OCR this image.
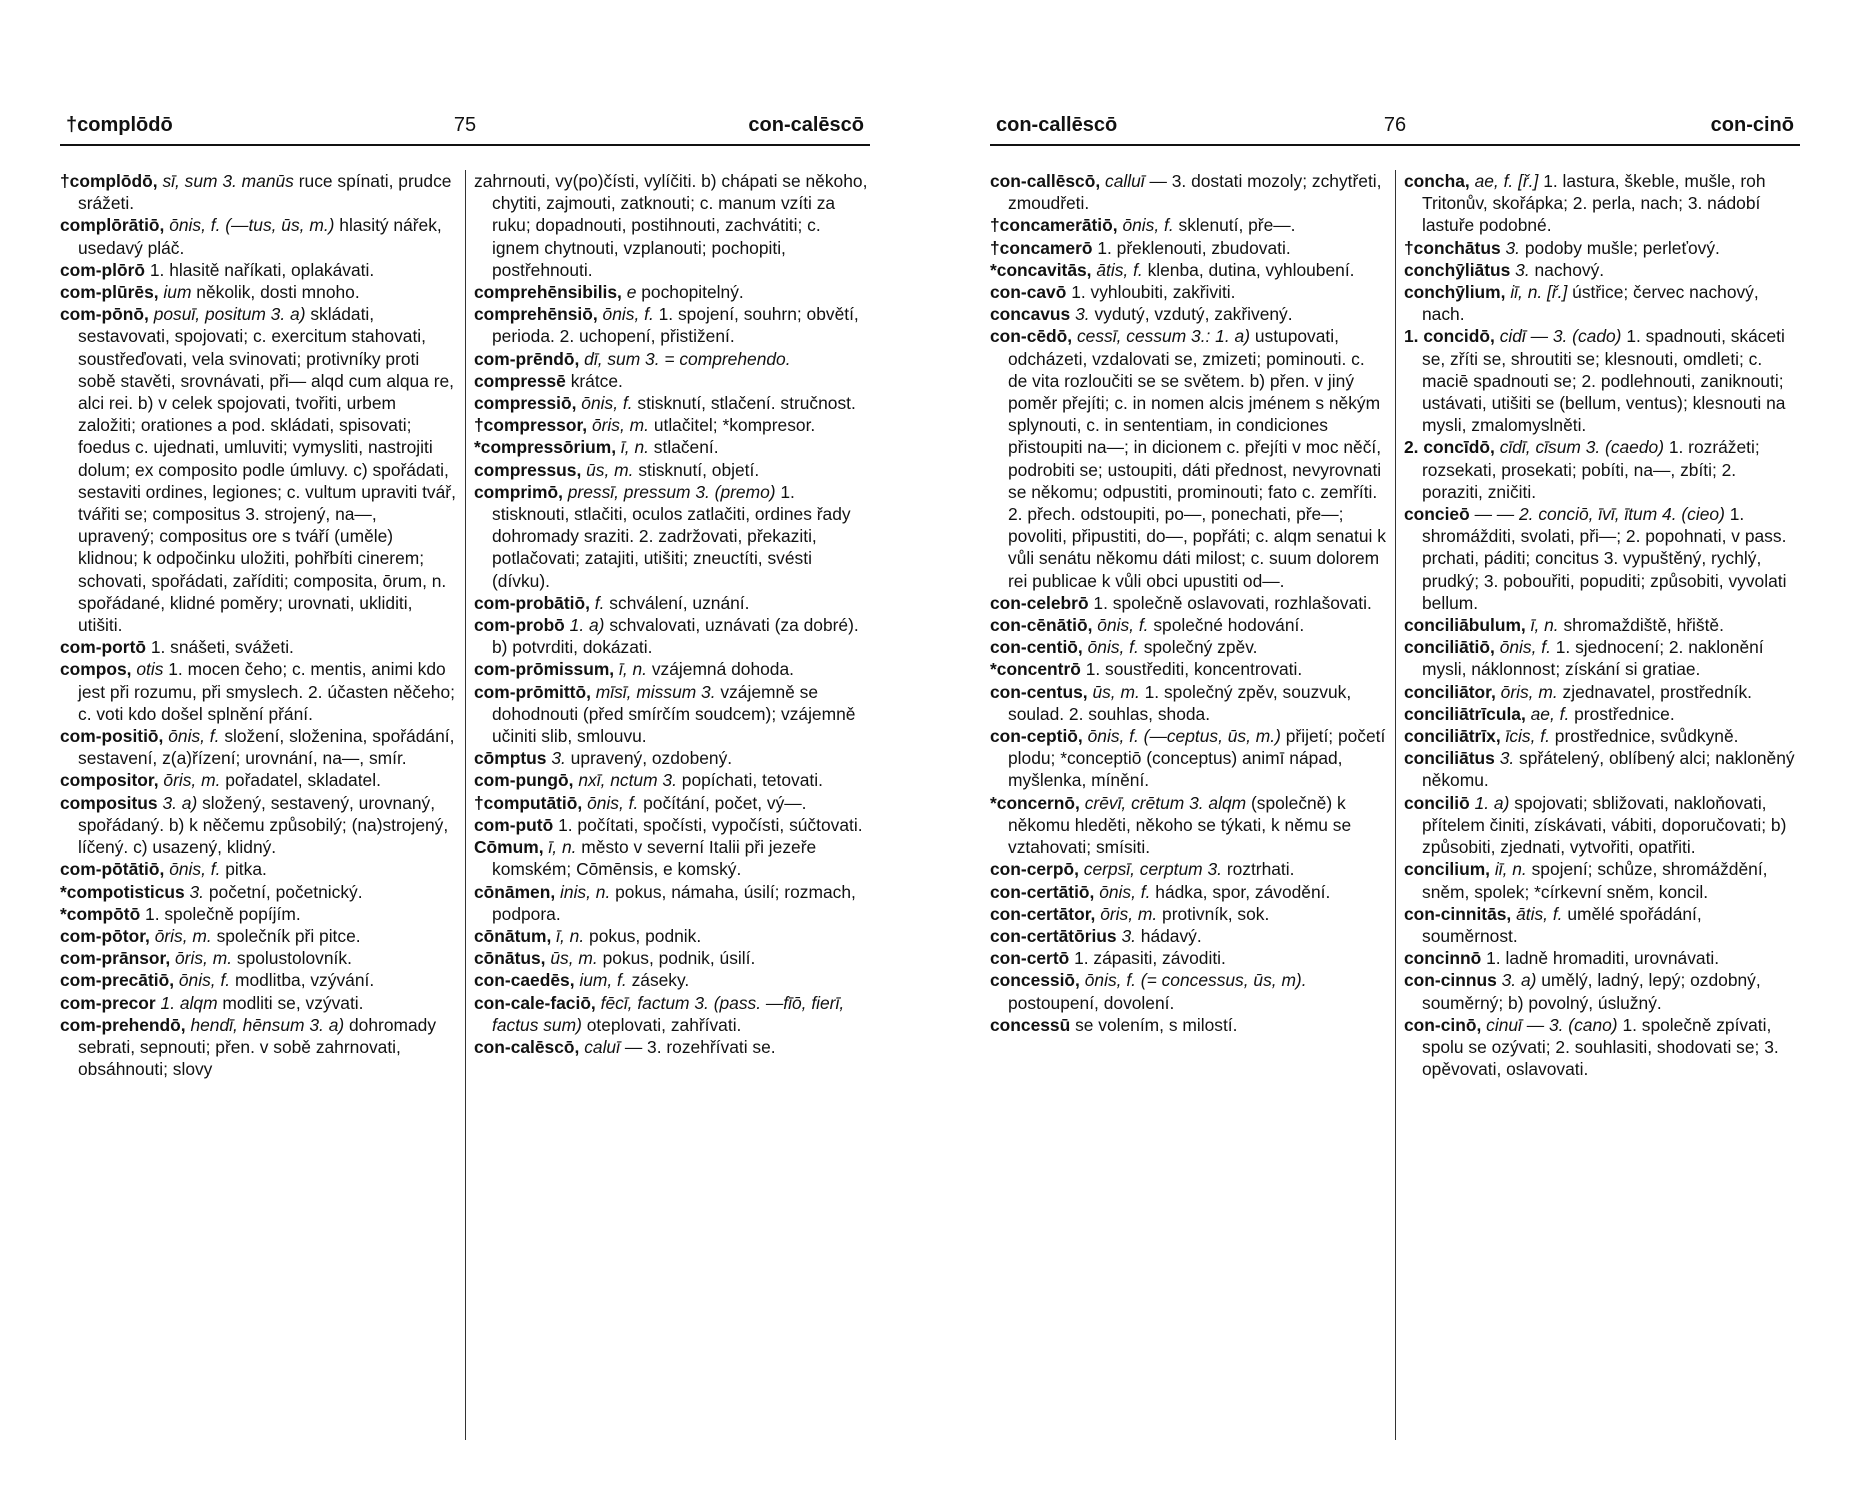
†complōdō	75	con-calēscō

†complōdō, sī, sum 3. manūs ruce spínati, prudce srážeti.

complōrātiō, ōnis, f. (—tus, ūs, m.) hlasitý nářek, usedavý pláč.

com-plōrō 1. hlasitě naříkati, oplakávati.

com-plūrēs, ium několik, dosti mnoho.

com-pōnō, posuī, positum 3. a) skládati, sestavovati, spojovati; c. exercitum stahovati, soustřeďovati, vela svinovati; protivníky proti sobě stavěti, srovnávati, při— alqd cum alqua re, alci rei. b) v celek spojovati, tvořiti, urbem založiti; orationes a pod. skládati, spisovati; foedus c. ujednati, umluviti; vymysliti, nastrojiti dolum; ex composito podle úmluvy. c) spořádati, sestaviti ordines, legiones; c. vultum upraviti tvář, tvářiti se; compositus 3. strojený, na—, upravený; compositus ore s tváří (uměle) klidnou; k odpočinku uložiti, pohřbíti cinerem; schovati, spořádati, zaříditi; composita, ōrum, n. spořádané, klidné poměry; urovnati, ukliditi, utišiti.

com-portō 1. snášeti, svážeti.

compos, otis 1. mocen čeho; c. mentis, animi kdo jest při rozumu, při smyslech. 2. účasten něčeho; c. voti kdo došel splnění přání.

com-positiō, ōnis, f. složení, složenina, spořádání, sestavení, z(a)řízení; urovnání, na—, smír.

compositor, ōris, m. pořadatel, skladatel.

compositus 3. a) složený, sestavený, urovnaný, spořádaný. b) k něčemu způsobilý; (na)strojený, líčený. c) usazený, klidný.

com-pōtātiō, ōnis, f. pitka.

*compotisticus 3. početní, početnický.

*compōtō 1. společně popíjím.

com-pōtor, ōris, m. společník při pitce.

com-prānsor, ōris, m. spolustolovník.

com-precātiō, ōnis, f. modlitba, vzývání.

com-precor 1. alqm modliti se, vzývati.

com-prehendō, hendī, hēnsum 3. a) dohromady sebrati, sepnouti; přen. v sobě zahrnovati, obsáhnouti; slovy

zahrnouti, vy(po)čísti, vylíčiti. b) chápati se někoho, chytiti, zajmouti, zatknouti; c. manum vzíti za ruku; dopadnouti, postihnouti, zachvátiti; c. ignem chytnouti, vzplanouti; pochopiti, postřehnouti.

comprehēnsibilis, e pochopitelný.

comprehēnsiō, ōnis, f. 1. spojení, souhrn; obvětí, perioda. 2. uchopení, přistižení.

com-prēndō, dī, sum 3. = comprehendo.

compressē krátce.

compressiō, ōnis, f. stisknutí, stlačení. stručnost.

†compressor, ōris, m. utlačitel; *kompresor.

*compressōrium, ī, n. stlačení.

compressus, ūs, m. stisknutí, objetí.

comprimō, pressī, pressum 3. (premo) 1. stisknouti, stlačiti, oculos zatlačiti, ordines řady dohromady sraziti. 2. zadržovati, překaziti, potlačovati; zatajiti, utišiti; zneuctíti, svésti (dívku).

com-probātiō, f. schválení, uznání.

com-probō 1. a) schvalovati, uznávati (za dobré). b) potvrditi, dokázati.

com-prōmissum, ī, n. vzájemná dohoda.

com-prōmittō, mīsī, missum 3. vzájemně se dohodnouti (před smírčím soudcem); vzájemně učiniti slib, smlouvu.

cōmptus 3. upravený, ozdobený.

com-pungō, nxī, nctum 3. popíchati, tetovati.

†computātiō, ōnis, f. počítání, počet, vý—.

com-putō 1. počítati, spočísti, vypočísti, súčtovati.

Cōmum, ī, n. město v severní Italii při jezeře komském; Cōmēnsis, e komský.

cōnāmen, inis, n. pokus, námaha, úsilí; rozmach, podpora.

cōnātum, ī, n. pokus, podnik.

cōnātus, ūs, m. pokus, podnik, úsilí.

con-caedēs, ium, f. záseky.

con-cale-faciō, fēcī, factum 3. (pass. —fīō, fierī, factus sum) oteplovati, zahřívati.

con-calēscō, caluī — 3. rozehřívati se.

con-callēscō	76	con-cinō

con-callēscō, calluī — 3. dostati mozoly; zchytřeti, zmoudřeti.

†concamerātiō, ōnis, f. sklenutí, pře—.

†concamerō 1. překlenouti, zbudovati.

*concavitās, ātis, f. klenba, dutina, vyhloubení.

con-cavō 1. vyhloubiti, zakřiviti.

concavus 3. vydutý, vzdutý, zakřivený.

con-cēdō, cessī, cessum 3.: 1. a) ustupovati, odcházeti, vzdalovati se, zmizeti; pominouti. c. de vita rozloučiti se se světem. b) přen. v jiný poměr přejíti; c. in nomen alcis jménem s někým splynouti, c. in sententiam, in condiciones přistoupiti na—; in dicionem c. přejíti v moc něčí, podrobiti se; ustoupiti, dáti přednost, nevyrovnati se někomu; odpustiti, prominouti; fato c. zemříti. 2. přech. odstoupiti, po—, ponechati, pře—; povoliti, připustiti, do—, popřáti; c. alqm senatui k vůli senátu někomu dáti milost; c. suum dolorem rei publicae k vůli obci upustiti od—.

con-celebrō 1. společně oslavovati, rozhlašovati.

con-cēnātiō, ōnis, f. společné hodování.

con-centiō, ōnis, f. společný zpěv.

*concentrō 1. soustřediti, koncentrovati.

con-centus, ūs, m. 1. společný zpěv, souzvuk, soulad. 2. souhlas, shoda.

con-ceptiō, ōnis, f. (—ceptus, ūs, m.) přijetí; početí plodu; *conceptiō (conceptus) animī nápad, myšlenka, mínění.

*concernō, crēvī, crētum 3. alqm (společně) k někomu hleděti, někoho se týkati, k němu se vztahovati; smísiti.

con-cerpō, cerpsī, cerptum 3. roztrhati.

con-certātiō, ōnis, f. hádka, spor, závodění.

con-certātor, ōris, m. protivník, sok.

con-certātōrius 3. hádavý.

con-certō 1. zápasiti, závoditi.

concessiō, ōnis, f. (= concessus, ūs, m). postoupení, dovolení.

concessū se volením, s milostí.

concha, ae, f. [ř.] 1. lastura, škeble, mušle, roh Tritonův, skořápka; 2. perla, nach; 3. nádobí lastuře podobné.

†conchātus 3. podoby mušle; perleťový.

conchӯliātus 3. nachový.

conchӯlium, iī, n. [ř.] ústřice; červec nachový, nach.

1. concidō, cidī — 3. (cado) 1. spadnouti, skáceti se, zříti se, shroutiti se; klesnouti, omdleti; c. maciē spadnouti se; 2. podlehnouti, zaniknouti; ustávati, utišiti se (bellum, ventus); klesnouti na mysli, zmalomyslněti.

2. concīdō, cīdī, cīsum 3. (caedo) 1. rozrážeti; rozsekati, prosekati; pobíti, na—, zbíti; 2. poraziti, zničiti.

concieō — — 2. conciō, īvī, ītum 4. (cieo) 1. shromážditi, svolati, při—; 2. popohnati, v pass. prchati, páditi; concitus 3. vypuštěný, rychlý, prudký; 3. pobouřiti, popuditi; způsobiti, vyvolati bellum.

conciliābulum, ī, n. shromaždiště, hřiště.

conciliātiō, ōnis, f. 1. sjednocení; 2. naklonění mysli, náklonnost; získání si gratiae.

conciliātor, ōris, m. zjednavatel, prostředník.

conciliātrīcula, ae, f. prostřednice.

conciliātrīx, īcis, f. prostřednice, svůdkyně.

conciliātus 3. spřátelený, oblíbený alci; nakloněný někomu.

conciliō 1. a) spojovati; sbližovati, nakloňovati, přítelem činiti, získávati, vábiti, doporučovati; b) způsobiti, zjednati, vytvořiti, opatřiti.

concilium, iī, n. spojení; schůze, shromáždění, sněm, spolek; *církevní sněm, koncil.

con-cinnitās, ātis, f. umělé spořádání, souměrnost.

concinnō 1. ladně hromaditi, urovnávati.

con-cinnus 3. a) umělý, ladný, lepý; ozdobný, souměrný; b) povolný, úslužný.

con-cinō, cinuī — 3. (cano) 1. společně zpívati, spolu se ozývati; 2. souhlasiti, shodovati se; 3. opěvovati, oslavovati.
